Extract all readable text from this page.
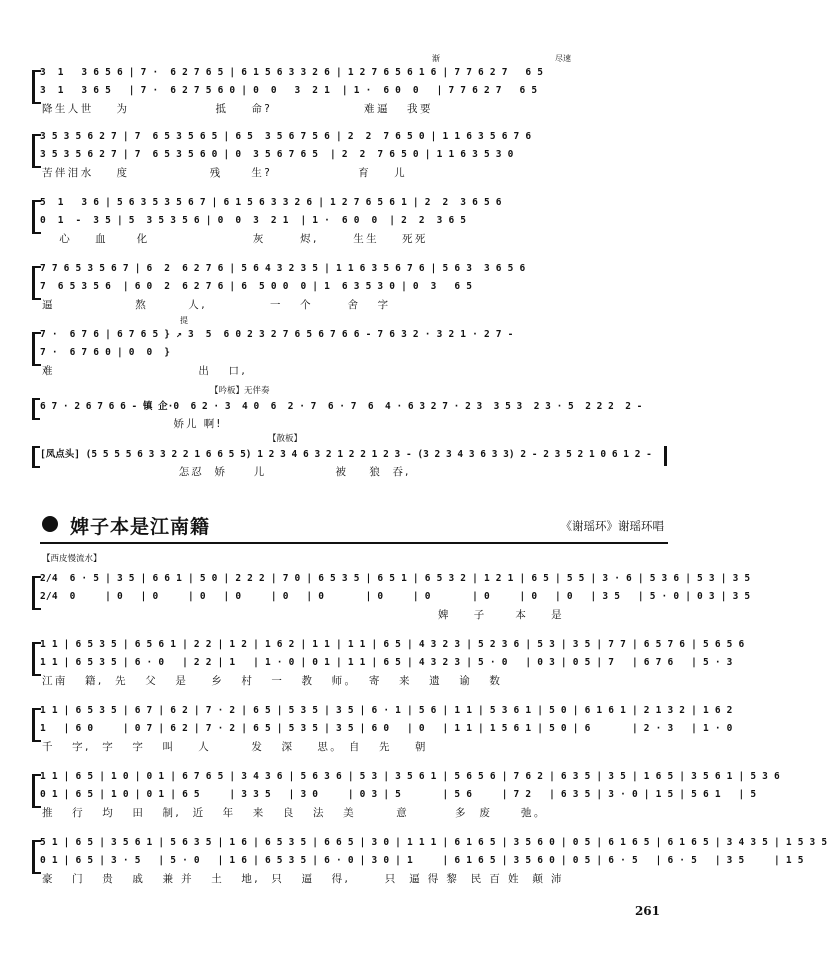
3  1   3 6 5 6 | 7 ·  6 2 7 6 5 | 6 1 5 6 3 3 2 6 | 1 2 7 6 5 6 1 6 | 7 7 6 2 7   6 5
3  1   3 6 5   | 7 ·  6 2 7 5 6 0 | 0  0   3  2 1  | 1 ·  6 0  0   | 7 7 6 2 7   6 5
降生人世    为               抵    命?                难逼   我要
渐	尽速
3 5 3 5 6 2 7 | 7  6 5 3 5 6 5 | 6 5  3 5 6 7 5 6 | 2  2  7 6 5 0 | 1 1 6 3 5 6 7 6
3 5 3 5 6 2 7 | 7  6 5 3 5 6 0 | 0  3 5 6 7 6 5  | 2  2  7 6 5 0 | 1 1 6 3 5 3 0
苦伴泪水    度              残     生?               育    儿
5  1   3 6 | 5 6 3 5 3 5 6 7 | 6 1 5 6 3 3 2 6 | 1 2 7 6 5 6 1 | 2  2  3 6 5 6
0  1  -  3 5 | 5  3 5 3 5 6 | 0  0  3  2 1  | 1 ·  6 0  0  | 2  2  3 6 5
心    血     化                  灰      烬,      生生    死死
7 7 6 5 3 5 6 7 | 6  2  6 2 7 6 | 5 6 4 3 2 3 5 | 1 1 6 3 5 6 7 6 | 5 6 3  3 6 5 6
7  6 5 3 5 6  | 6 0  2  6 2 7 6 | 6  5 0 0  0 | 1  6 3 5 3 0 | 0  3   6 5
逼              熬       人,           一   个      舍   字
7 ·  6 7 6 | 6 7 6 5 } ↗ 3  5  6 0 2 3 2 7 6 5 6 7 6 6 - 7 6 3 2 · 3 2 1 · 2 7 -
7 ·  6 7 6 0 | 0  0  }
难                         出   口,
提
【吟板】无伴奏
6 7 · 2 6 7 6 6 - 镇 企·0  6 2 · 3  4 0  6  2 · 7  6 · 7  6  4 · 6 3 2 7 · 2 3  3 5 3  2 3 · 5  2 2 2  2 -
娇儿 啊!
【散板】
[凤点头] (5 5 5 5 6 3 3 2 2 1 6 6 5 5) 1 2 3 4 6 3 2 1 2 2 1 2 3 - (3 2 3 4 3 6 3 3) 2 - 2 3 5 2 1 0 6 1 2 -
怎忍  娇     儿             被    狼  吞,
婢子本是江南籍	《谢瑶环》谢瑶环唱
【西皮慢流水】
2/4  6 · 5 | 3 5 | 6 6 1 | 5 0 | 2 2 2 | 7 0 | 6 5 3 5 | 6 5 1 | 6 5 3 2 | 1 2 1 | 6 5 | 5 5 | 3 · 6 | 5 3 6 | 5 3 | 3 5
2/4  0     | 0   | 0     | 0   | 0     | 0   | 0       | 0     | 0       | 0     | 0   | 0   | 3 5   | 5 · 0 | 0 3 | 3 5
婢    子     本    是
1 1 | 6 5 3 5 | 6 5 6 1 | 2 2 | 1 2 | 1 6 2 | 1 1 | 1 1 | 6 5 | 4 3 2 3 | 5 2 3 6 | 5 3 | 3 5 | 7 7 | 6 5 7 6 | 5 6 5 6
1 1 | 6 5 3 5 | 6 · 0   | 2 2 | 1   | 1 · 0 | 0 1 | 1 1 | 6 5 | 4 3 2 3 | 5 · 0   | 0 3 | 0 5 | 7   | 6 7 6   | 5 · 3
江南   籍,  先   父   是    乡   村   一   教   师。  寄   来   遗   谕   数
1 1 | 6 5 3 5 | 6 7 | 6 2 | 7 · 2 | 6 5 | 5 3 5 | 3 5 | 6 · 1 | 5 6 | 1 1 | 5 3 6 1 | 5 0 | 6 1 6 1 | 2 1 3 2 | 1 6 2
1   | 6 0     | 0 7 | 6 2 | 7 · 2 | 6 5 | 5 3 5 | 3 5 | 6 0   | 0   | 1 1 | 1 5 6 1 | 5 0 | 6       | 2 · 3   | 1 · 0
千   字,  字   字   叫    人       发   深    思。 自   先    朝
1 1 | 6 5 | 1 0 | 0 1 | 6 7 6 5 | 3 4 3 6 | 5 6 3 6 | 5 3 | 3 5 6 1 | 5 6 5 6 | 7 6 2 | 6 3 5 | 3 5 | 1 6 5 | 3 5 6 1 | 5 3 6
0 1 | 6 5 | 1 0 | 0 1 | 6 5     | 3 3 5   | 3 0     | 0 3 | 5       | 5 6     | 7 2   | 6 3 5 | 3 · 0 | 1 5 | 5 6 1   | 5
推   行   均   田   制,  近   年   来   良   法   美       意        多  废     弛。
5 1 | 6 5 | 3 5 6 1 | 5 6 3 5 | 1 6 | 6 5 3 5 | 6 6 5 | 3 0 | 1 1 1 | 6 1 6 5 | 3 5 6 0 | 0 5 | 6 1 6 5 | 6 1 6 5 | 3 4 3 5 | 1 5 3 5
0 1 | 6 5 | 3 · 5   | 5 · 0   | 1 6 | 6 5 3 5 | 6 · 0 | 3 0 | 1     | 6 1 6 5 | 3 5 6 0 | 0 5 | 6 · 5   | 6 · 5   | 3 5     | 1 5
豪   门   贵   戚   兼 并   土   地,  只   逼   得,      只  逼 得 黎  民 百 姓  颠 沛
261
